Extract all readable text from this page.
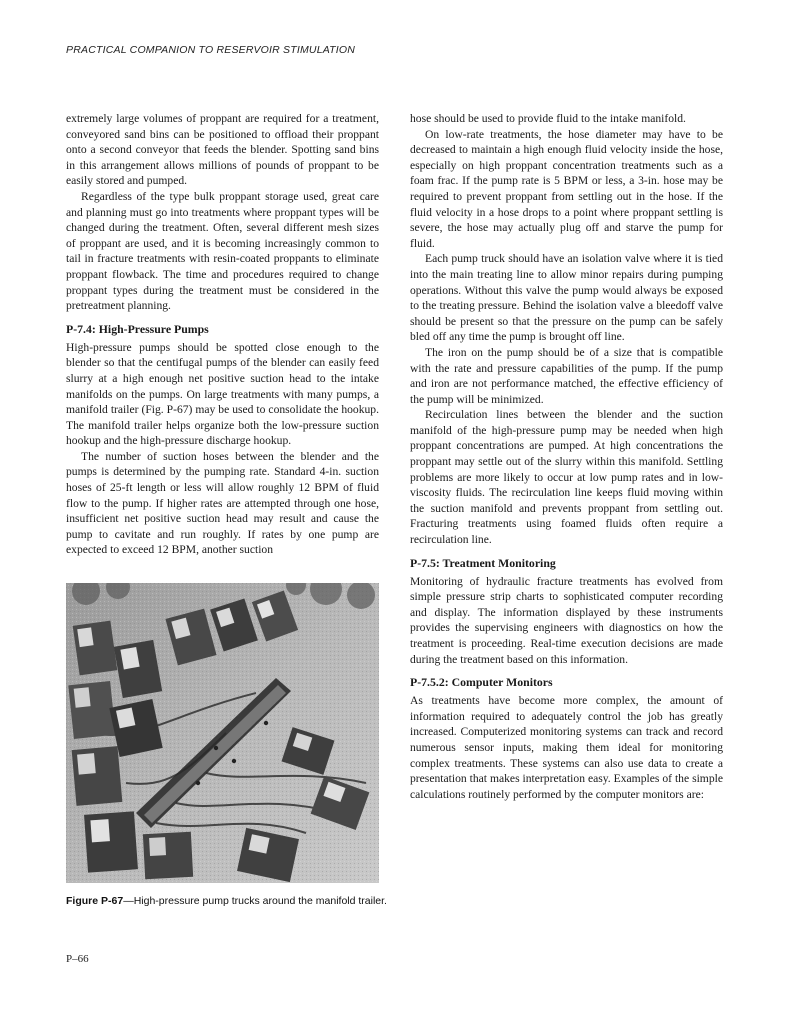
PRACTICAL COMPANION TO RESERVOIR STIMULATION

extremely large volumes of proppant are required for a treatment, conveyored sand bins can be positioned to offload their proppant onto a second conveyor that feeds the blender. Spotting sand bins in this arrangement allows millions of pounds of proppant to be easily stored and pumped.

Regardless of the type bulk proppant storage used, great care and planning must go into treatments where proppant types will be changed during the treatment. Often, several different mesh sizes of proppant are used, and it is becoming increasingly common to tail in fracture treatments with resin-coated proppants to eliminate proppant flowback. The time and procedures required to change proppant types during the treatment must be considered in the pretreatment planning.

P-7.4: High-Pressure Pumps

High-pressure pumps should be spotted close enough to the blender so that the centifugal pumps of the blender can easily feed slurry at a high enough net positive suction head to the intake manifolds on the pumps. On large treatments with many pumps, a manifold trailer (Fig. P-67) may be used to consolidate the hookup. The manifold trailer helps organize both the low-pressure suction hookup and the high-pressure discharge hookup.

The number of suction hoses between the blender and the pumps is determined by the pumping rate. Standard 4-in. suction hoses of 25-ft length or less will allow roughly 12 BPM of fluid flow to the pump. If higher rates are attempted through one hose, insufficient net positive suction head may result and cause the pump to cavitate and run roughly. If rates by one pump are expected to exceed 12 BPM, another suction

hose should be used to provide fluid to the intake manifold.

On low-rate treatments, the hose diameter may have to be decreased to maintain a high enough fluid velocity inside the hose, especially on high proppant concentration treatments such as a foam frac. If the pump rate is 5 BPM or less, a 3-in. hose may be required to prevent proppant from settling out in the hose. If the fluid velocity in a hose drops to a point where proppant settling is severe, the hose may actually plug off and starve the pump for fluid.

Each pump truck should have an isolation valve where it is tied into the main treating line to allow minor repairs during pumping operations. Without this valve the pump would always be exposed to the treating pressure. Behind the isolation valve a bleedoff valve should be present so that the pressure on the pump can be safely bled off any time the pump is brought off line.

The iron on the pump should be of a size that is compatible with the rate and pressure capabilities of the pump. If the pump and iron are not performance matched, the effective efficiency of the pump will be minimized.

Recirculation lines between the blender and the suction manifold of the high-pressure pump may be needed when high proppant concentrations are pumped. At high concentrations the proppant may settle out of the slurry within this manifold. Settling problems are more likely to occur at low pump rates and in low-viscosity fluids. The recirculation line keeps fluid moving within the suction manifold and prevents proppant from settling out. Fracturing treatments using foamed fluids often require a recirculation line.

P-7.5: Treatment Monitoring

Monitoring of hydraulic fracture treatments has evolved from simple pressure strip charts to sophisticated computer recording and display. The information displayed by these instruments provides the supervising engineers with diagnostics on how the treatment is proceeding. Real-time execution decisions are made during the treatment based on this information.

P-7.5.2: Computer Monitors

As treatments have become more complex, the amount of information required to adequately control the job has greatly increased. Computerized monitoring systems can track and record numerous sensor inputs, making them ideal for monitoring complex treatments. These systems can also use data to create a presentation that makes interpretation easy. Examples of the simple calculations routinely performed by the computer monitors are:

Figure P-67—High-pressure pump trucks around the manifold trailer.
P–66
